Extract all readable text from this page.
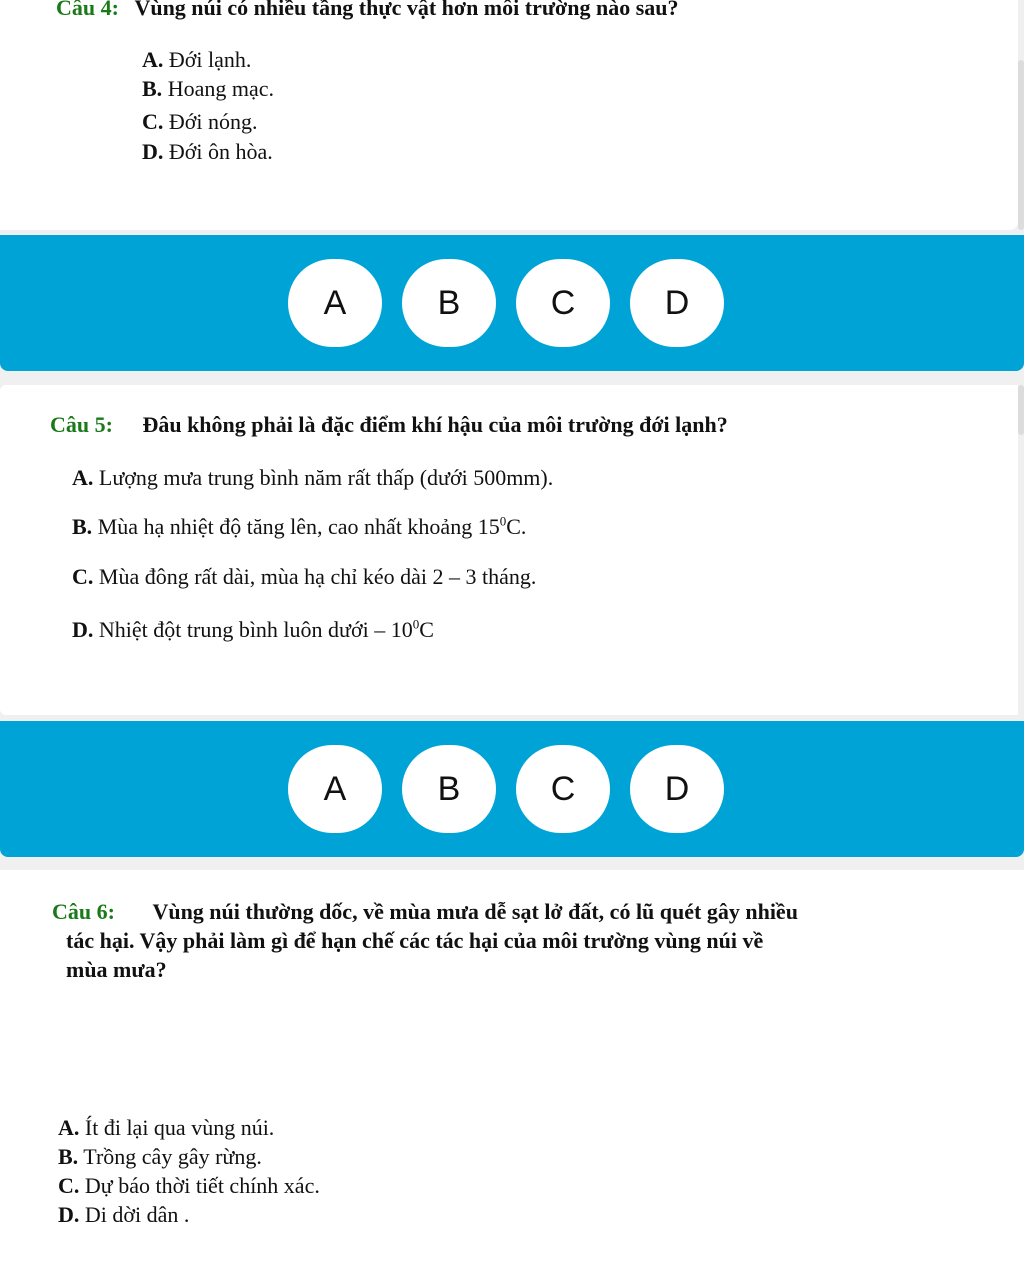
Câu 4: Vùng núi có nhiều tầng thực vật hơn môi trường nào sau?
A. Đới lạnh.
B. Hoang mạc.
C. Đới nóng.
D. Đới ôn hòa.
A	B	C	D
Câu 5: Đâu không phải là đặc điểm khí hậu của môi trường đới lạnh?
A. Lượng mưa trung bình năm rất thấp (dưới 500mm).
B. Mùa hạ nhiệt độ tăng lên, cao nhất khoảng $15^0C$.
C. Mùa đông rất dài, mùa hạ chỉ kéo dài 2 – 3 tháng.
D. Nhiệt đột trung bình luôn dưới – $10^0C$
A	B	C	D
Câu 6: Vùng núi thường dốc, về mùa mưa dễ sạt lở đất, có lũ quét gây nhiều
tác hại. Vậy phải làm gì để hạn chế các tác hại của môi trường vùng núi về
mùa mưa?
A. Ít đi lại qua vùng núi.
B. Trồng cây gây rừng.
C. Dự báo thời tiết chính xác.
D. Di dời dân .
